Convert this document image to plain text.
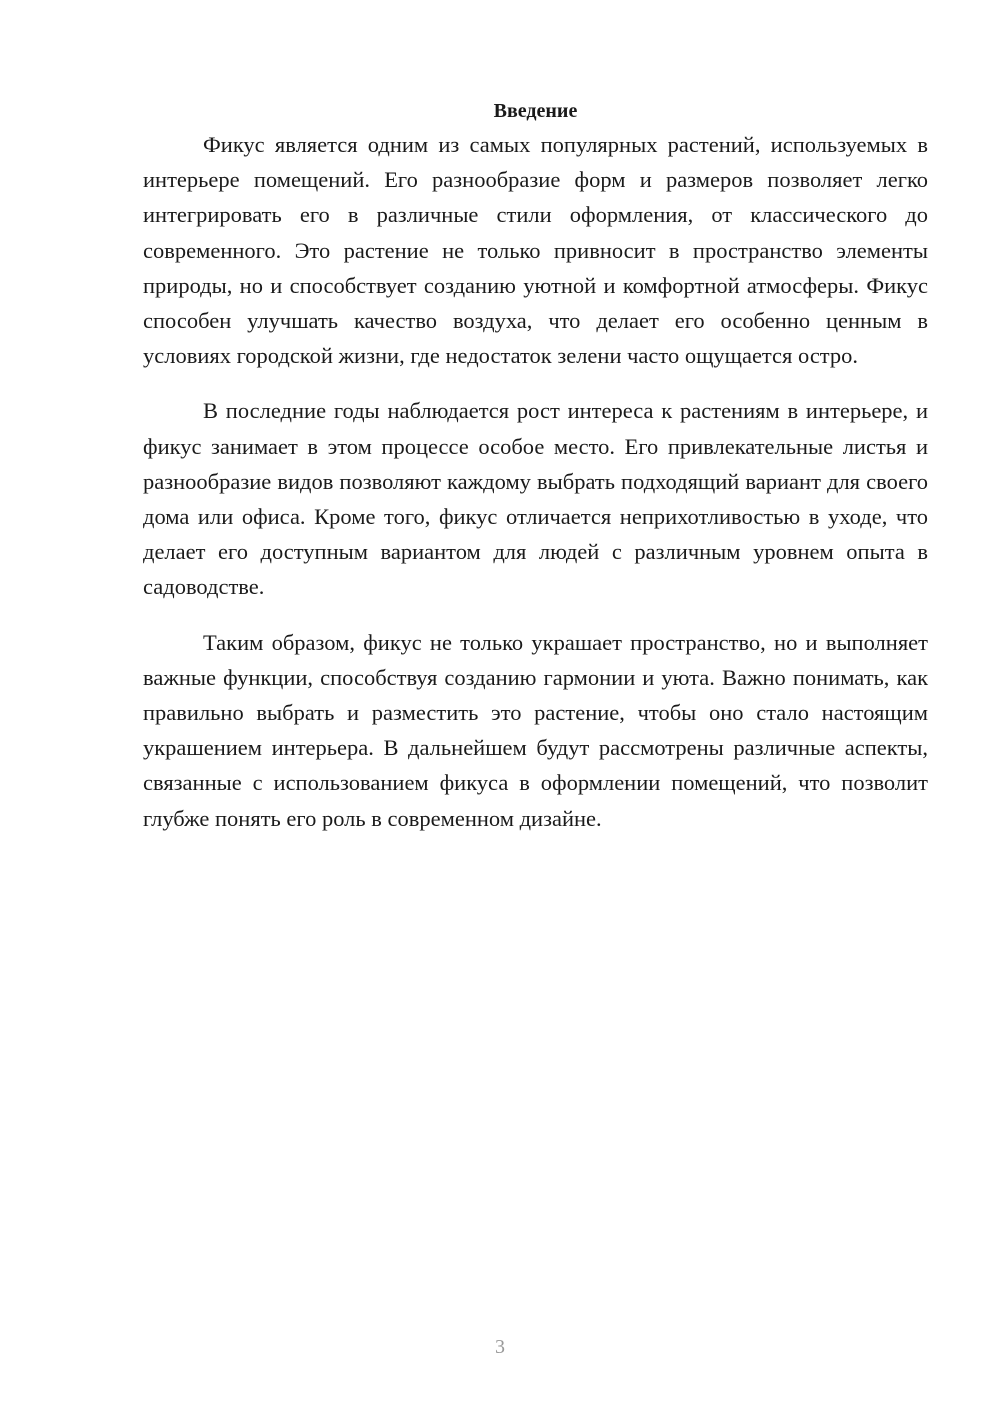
Введение

Фикус является одним из самых популярных растений, используемых в интерьере помещений. Его разнообразие форм и размеров позволяет легко интегрировать его в различные стили оформления, от классического до современного. Это растение не только привносит в пространство элементы природы, но и способствует созданию уютной и комфортной атмосферы. Фикус способен улучшать качество воздуха, что делает его особенно ценным в условиях городской жизни, где недостаток зелени часто ощущается остро.

В последние годы наблюдается рост интереса к растениям в интерьере, и фикус занимает в этом процессе особое место. Его привлекательные листья и разнообразие видов позволяют каждому выбрать подходящий вариант для своего дома или офиса. Кроме того, фикус отличается неприхотливостью в уходе, что делает его доступным вариантом для людей с различным уровнем опыта в садоводстве.

Таким образом, фикус не только украшает пространство, но и выполняет важные функции, способствуя созданию гармонии и уюта. Важно понимать, как правильно выбрать и разместить это растение, чтобы оно стало настоящим украшением интерьера. В дальнейшем будут рассмотрены различные аспекты, связанные с использованием фикуса в оформлении помещений, что позволит глубже понять его роль в современном дизайне.

3
